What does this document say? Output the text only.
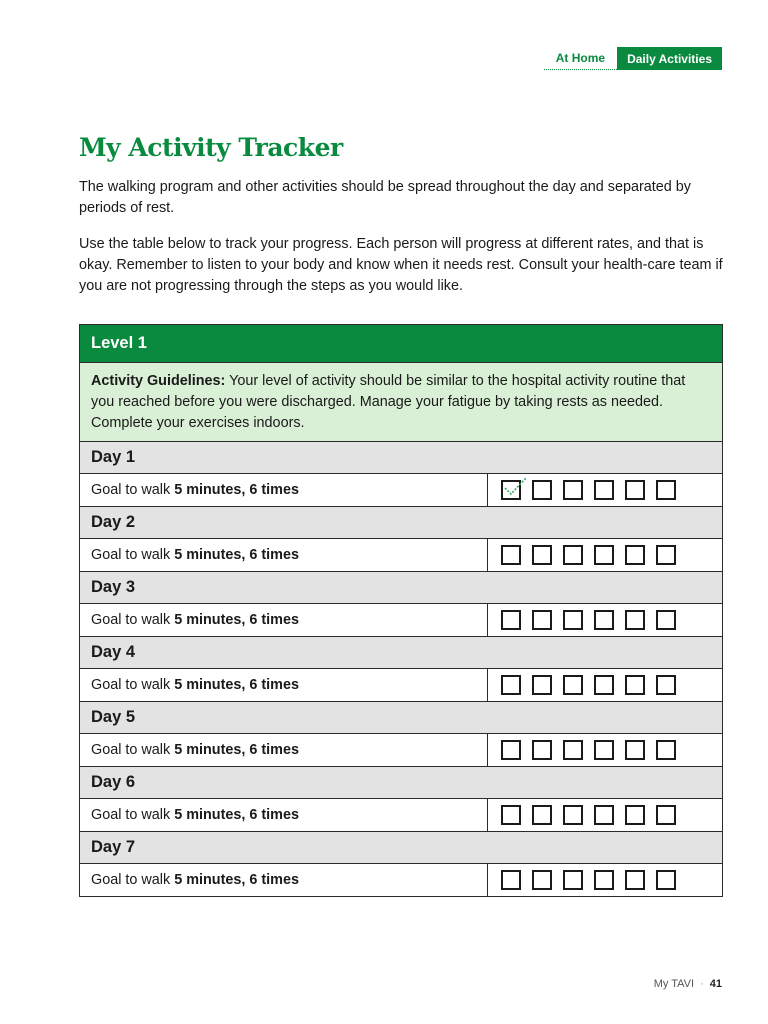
At Home	Daily Activities
My Activity Tracker

The walking program and other activities should be spread throughout the day and separated by periods of rest.

Use the table below to track your progress. Each person will progress at different rates, and that is okay. Remember to listen to your body and know when it needs rest. Consult your health-care team if you are not progressing through the steps as you would like.

Level 1
Activity Guidelines: Your level of activity should be similar to the hospital activity routine that you reached before you were discharged. Manage your fatigue by taking rests as needed. Complete your exercises indoors.
Day 1
Goal to walk 5 minutes, 6 times
Day 2
Goal to walk 5 minutes, 6 times
Day 3
Goal to walk 5 minutes, 6 times
Day 4
Goal to walk 5 minutes, 6 times
Day 5
Goal to walk 5 minutes, 6 times
Day 6
Goal to walk 5 minutes, 6 times
Day 7
Goal to walk 5 minutes, 6 times
My TAVI · 41
